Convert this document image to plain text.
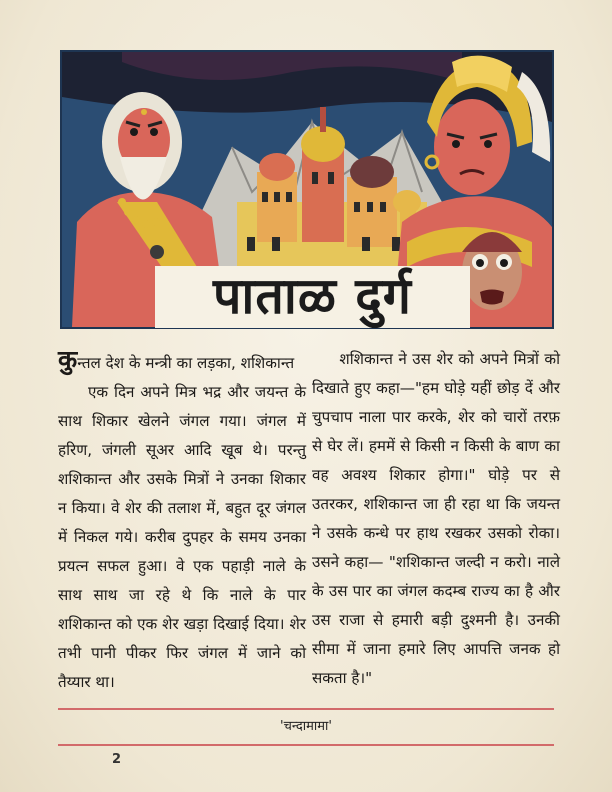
पाताळ दुर्ग

कुन्तल देश के मन्त्री का लड़का, शशिकान्त

एक दिन अपने मित्र भद्र और जयन्त के साथ शिकार खेलने जंगल गया। जंगल में हरिण, जंगली सूअर आदि खूब थे। परन्तु शशिकान्त और उसके मित्रों ने उनका शिकार न किया। वे शेर की तलाश में, बहुत दूर जंगल में निकल गये। करीब दुपहर के समय उनका प्रयत्न सफल हुआ। वे एक पहाड़ी नाले के साथ साथ जा रहे थे कि नाले के पार शशिकान्त को एक शेर खड़ा दिखाई दिया। शेर तभी पानी पीकर फिर जंगल में जाने को तैय्यार था।

शशिकान्त ने उस शेर को अपने मित्रों को दिखाते हुए कहा—"हम घोड़े यहीं छोड़ दें और चुपचाप नाला पार करके, शेर को चारों तरफ़ से घेर लें। हममें से किसी न किसी के बाण का वह अवश्य शिकार होगा।" घोड़े पर से उतरकर, शशिकान्त जा ही रहा था कि जयन्त ने उसके कन्धे पर हाथ रखकर उसको रोका। उसने कहा— "शशिकान्त जल्दी न करो। नाले के उस पार का जंगल कदम्ब राज्य का है और उस राजा से हमारी बड़ी दुश्मनी है। उनकी सीमा में जाना हमारे लिए आपत्ति जनक हो सकता है।"

'चन्दामामा'
2
